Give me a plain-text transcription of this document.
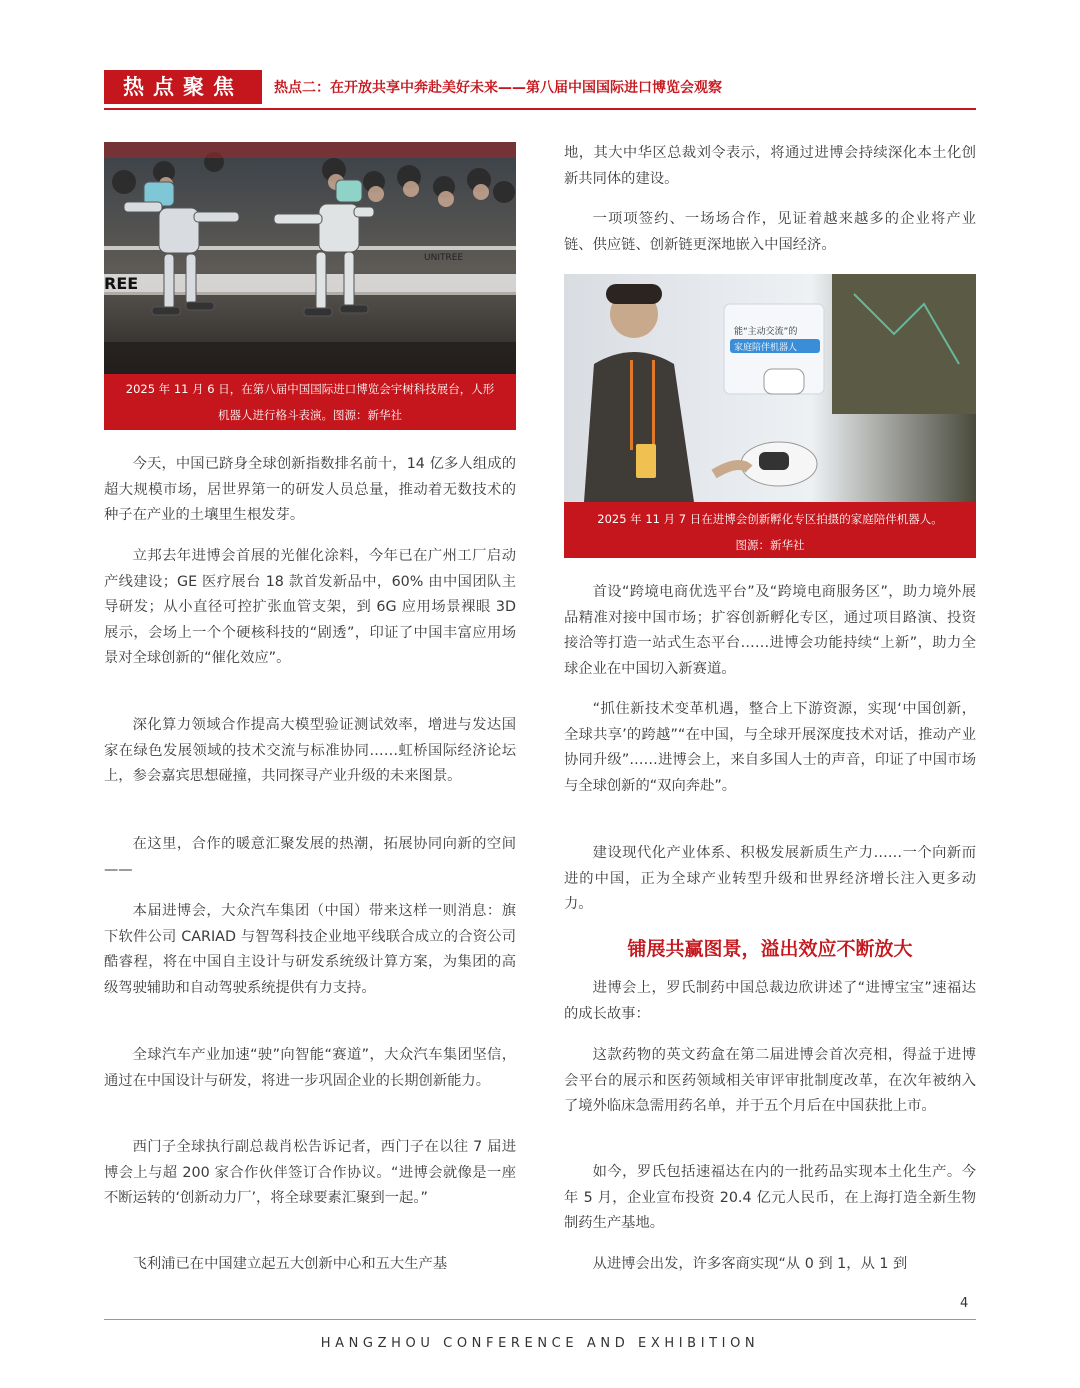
热点聚焦	热点二：在开放共享中奔赴美好未来——第八届中国国际进口博览会观察
REE
UNITREE
2025 年 11 月 6 日，在第八届中国国际进口博览会宇树科技展台，人形
机器人进行格斗表演。图源：新华社

今天，中国已跻身全球创新指数排名前十，14 亿多人组成的超大规模市场，居世界第一的研发人员总量，推动着无数技术的种子在产业的土壤里生根发芽。

立邦去年进博会首展的光催化涂料，今年已在广州工厂启动产线建设；GE 医疗展台 18 款首发新品中，60% 由中国团队主导研发；从小直径可控扩张血管支架，到 6G 应用场景裸眼 3D 展示，会场上一个个硬核科技的“剧透”，印证了中国丰富应用场景对全球创新的“催化效应”。

深化算力领域合作提高大模型验证测试效率，增进与发达国家在绿色发展领域的技术交流与标准协同……虹桥国际经济论坛上，参会嘉宾思想碰撞，共同探寻产业升级的未来图景。

在这里，合作的暖意汇聚发展的热潮，拓展协同向新的空间——

本届进博会，大众汽车集团（中国）带来这样一则消息：旗下软件公司 CARIAD 与智驾科技企业地平线联合成立的合资公司酷睿程，将在中国自主设计与研发系统级计算方案，为集团的高级驾驶辅助和自动驾驶系统提供有力支持。

全球汽车产业加速“驶”向智能“赛道”，大众汽车集团坚信，通过在中国设计与研发，将进一步巩固企业的长期创新能力。

西门子全球执行副总裁肖松告诉记者，西门子在以往 7 届进博会上与超 200 家合作伙伴签订合作协议。“进博会就像是一座不断运转的‘创新动力厂’，将全球要素汇聚到一起。”

飞利浦已在中国建立起五大创新中心和五大生产基

地，其大中华区总裁刘令表示，将通过进博会持续深化本土化创新共同体的建设。

一项项签约、一场场合作，见证着越来越多的企业将产业链、供应链、创新链更深地嵌入中国经济。

能“主动交流”的
家庭陪伴机器人
2025 年 11 月 7 日在进博会创新孵化专区拍摄的家庭陪伴机器人。
图源：新华社

首设“跨境电商优选平台”及“跨境电商服务区”，助力境外展品精准对接中国市场；扩容创新孵化专区，通过项目路演、投资接洽等打造一站式生态平台……进博会功能持续“上新”，助力全球企业在中国切入新赛道。

“抓住新技术变革机遇，整合上下游资源，实现‘中国创新，全球共享’的跨越”“在中国，与全球开展深度技术对话，推动产业协同升级”……进博会上，来自多国人士的声音，印证了中国市场与全球创新的“双向奔赴”。

建设现代化产业体系、积极发展新质生产力……一个向新而进的中国，正为全球产业转型升级和世界经济增长注入更多动力。

铺展共赢图景，溢出效应不断放大

进博会上，罗氏制药中国总裁边欣讲述了“进博宝宝”速福达的成长故事：

这款药物的英文药盒在第二届进博会首次亮相，得益于进博会平台的展示和医药领域相关审评审批制度改革，在次年被纳入了境外临床急需用药名单，并于五个月后在中国获批上市。

如今，罗氏包括速福达在内的一批药品实现本土化生产。今年 5 月，企业宣布投资 20.4 亿元人民币，在上海打造全新生物制药生产基地。

从进博会出发，许多客商实现“从 0 到 1，从 1 到

4
HANGZHOU CONFERENCE AND EXHIBITION
